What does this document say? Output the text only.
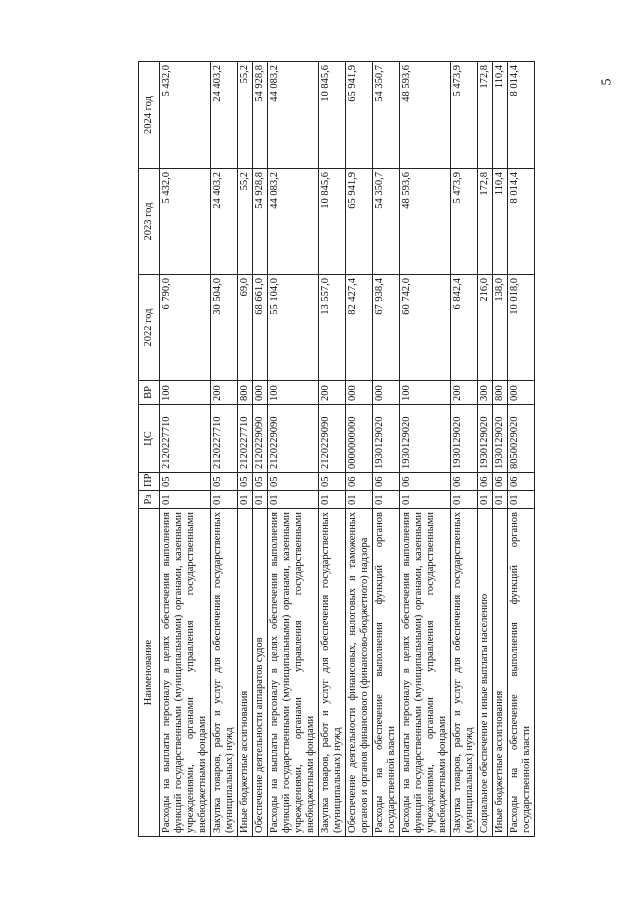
5
Наименование	Рз	ПР	ЦС	ВР	2022 год	2023 год	2024 год
Расходы на выплаты персоналу в целях обеспечения выполнения функций государственными (муниципальными) органами, казенными учреждениями, органами управления государственными внебюджетными фондами	01	05	2120227710	100	6 790,0	5 432,0	5 432,0
Закупка товаров, работ и услуг для обеспечения государственных (муниципальных) нужд	01	05	2120227710	200	30 504,0	24 403,2	24 403,2
Иные бюджетные ассигнования	01	05	2120227710	800	69,0	55,2	55,2
Обеспечение деятельности аппаратов судов	01	05	2120229090	000	68 661,0	54 928,8	54 928,8
Расходы на выплаты персоналу в целях обеспечения выполнения функций государственными (муниципальными) органами, казенными учреждениями, органами управления государственными внебюджетными фондами	01	05	2120229090	100	55 104,0	44 083,2	44 083,2
Закупка товаров, работ и услуг для обеспечения государственных (муниципальных) нужд	01	05	2120229090	200	13 557,0	10 845,6	10 845,6
Обеспечение деятельности финансовых, налоговых и таможенных органов и органов финансового (финансово-бюджетного) надзора	01	06	0000000000	000	82 427,4	65 941,9	65 941,9
Расходы на обеспечение выполнения функций органов государственной власти	01	06	1930129020	000	67 938,4	54 350,7	54 350,7
Расходы на выплаты персоналу в целях обеспечения выполнения функций государственными (муниципальными) органами, казенными учреждениями, органами управления государственными внебюджетными фондами	01	06	1930129020	100	60 742,0	48 593,6	48 593,6
Закупка товаров, работ и услуг для обеспечения государственных (муниципальных) нужд	01	06	1930129020	200	6 842,4	5 473,9	5 473,9
Социальное обеспечение и иные выплаты населению	01	06	1930129020	300	216,0	172,8	172,8
Иные бюджетные ассигнования	01	06	1930129020	800	138,0	110,4	110,4
Расходы на обеспечение выполнения функций органов государственной власти	01	06	8050029020	000	10 018,0	8 014,4	8 014,4
